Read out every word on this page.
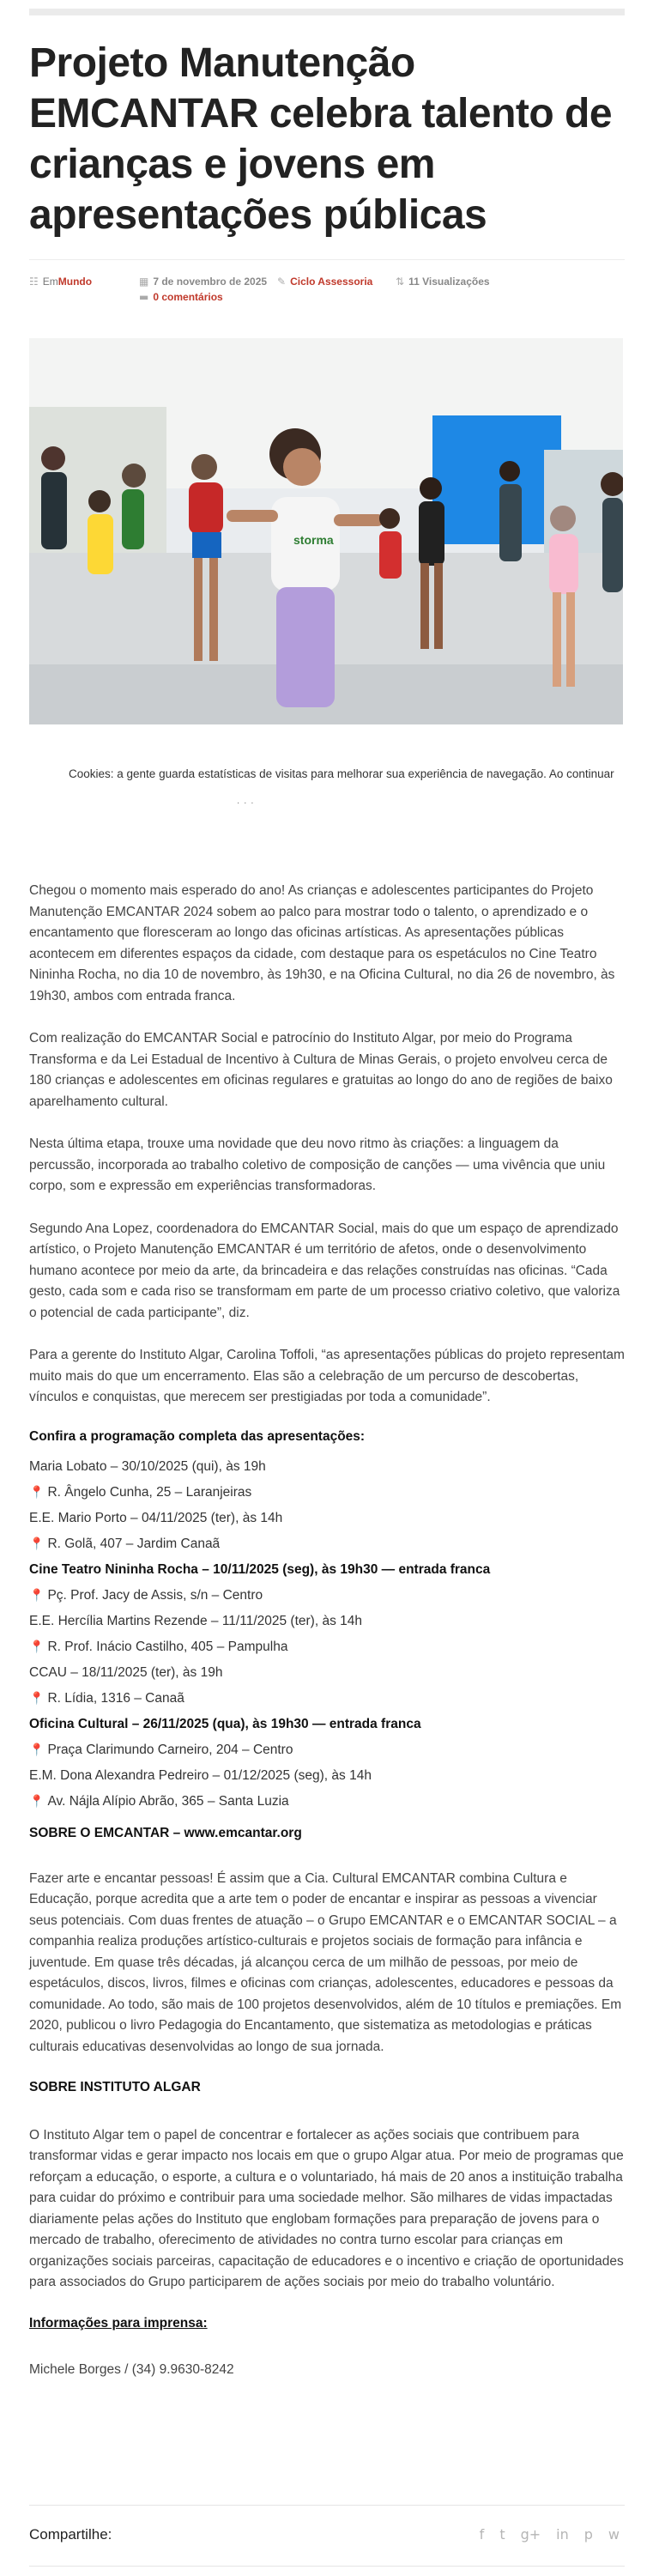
Projeto Manutenção EMCANTAR celebra talento de crianças e jovens em apresentações públicas
☷ Em Mundo	▦ 7 de novembro de 2025 ✎ Ciclo Assessoria ⇅ 11 Visualizações
▬ 0 comentários
storma
Cookies: a gente guarda estatísticas de visitas para melhorar sua experiência de navegação. Ao continuar
· · ·

Chegou o momento mais esperado do ano! As crianças e adolescentes participantes do Projeto Manutenção EMCANTAR 2024 sobem ao palco para mostrar todo o talento, o aprendizado e o encantamento que floresceram ao longo das oficinas artísticas. As apresentações públicas acontecem em diferentes espaços da cidade, com destaque para os espetáculos no Cine Teatro Nininha Rocha, no dia 10 de novembro, às 19h30, e na Oficina Cultural, no dia 26 de novembro, às 19h30, ambos com entrada franca.

Com realização do EMCANTAR Social e patrocínio do Instituto Algar, por meio do Programa Transforma e da Lei Estadual de Incentivo à Cultura de Minas Gerais, o projeto envolveu cerca de 180 crianças e adolescentes em oficinas regulares e gratuitas ao longo do ano de regiões de baixo aparelhamento cultural.

Nesta última etapa, trouxe uma novidade que deu novo ritmo às criações: a linguagem da percussão, incorporada ao trabalho coletivo de composição de canções — uma vivência que uniu corpo, som e expressão em experiências transformadoras.

Segundo Ana Lopez, coordenadora do EMCANTAR Social, mais do que um espaço de aprendizado artístico, o Projeto Manutenção EMCANTAR é um território de afetos, onde o desenvolvimento humano acontece por meio da arte, da brincadeira e das relações construídas nas oficinas. “Cada gesto, cada som e cada riso se transformam em parte de um processo criativo coletivo, que valoriza o potencial de cada participante”, diz.

Para a gerente do Instituto Algar, Carolina Toffoli, “as apresentações públicas do projeto representam muito mais do que um encerramento. Elas são a celebração de um percurso de descobertas, vínculos e conquistas, que merecem ser prestigiadas por toda a comunidade”.

Confira a programação completa das apresentações:
Maria Lobato – 30/10/2025 (qui), às 19h
📍 R. Ângelo Cunha, 25 – Laranjeiras
E.E. Mario Porto – 04/11/2025 (ter), às 14h
📍 R. Golã, 407 – Jardim Canaã
Cine Teatro Nininha Rocha – 10/11/2025 (seg), às 19h30 — entrada franca
📍 Pç. Prof. Jacy de Assis, s/n – Centro
E.E. Hercília Martins Rezende – 11/11/2025 (ter), às 14h
📍 R. Prof. Inácio Castilho, 405 – Pampulha
CCAU – 18/11/2025 (ter), às 19h
📍 R. Lídia, 1316 – Canaã
Oficina Cultural – 26/11/2025 (qua), às 19h30 — entrada franca
📍 Praça Clarimundo Carneiro, 204 – Centro
E.M. Dona Alexandra Pedreiro – 01/12/2025 (seg), às 14h
📍 Av. Nájla Alípio Abrão, 365 – Santa Luzia
SOBRE O EMCANTAR – www.emcantar.org

Fazer arte e encantar pessoas! É assim que a Cia. Cultural EMCANTAR combina Cultura e Educação, porque acredita que a arte tem o poder de encantar e inspirar as pessoas a vivenciar seus potenciais. Com duas frentes de atuação – o Grupo EMCANTAR e o EMCANTAR SOCIAL – a companhia realiza produções artístico-culturais e projetos sociais de formação para infância e juventude. Em quase três décadas, já alcançou cerca de um milhão de pessoas, por meio de espetáculos, discos, livros, filmes e oficinas com crianças, adolescentes, educadores e pessoas da comunidade. Ao todo, são mais de 100 projetos desenvolvidos, além de 10 títulos e premiações. Em 2020, publicou o livro Pedagogia do Encantamento, que sistematiza as metodologias e práticas culturais educativas desenvolvidas ao longo de sua jornada.

SOBRE INSTITUTO ALGAR

O Instituto Algar tem o papel de concentrar e fortalecer as ações sociais que contribuem para transformar vidas e gerar impacto nos locais em que o grupo Algar atua. Por meio de programas que reforçam a educação, o esporte, a cultura e o voluntariado, há mais de 20 anos a instituição trabalha para cuidar do próximo e contribuir para uma sociedade melhor. São milhares de vidas impactadas diariamente pelas ações do Instituto que englobam formações para preparação de jovens para o mercado de trabalho, oferecimento de atividades no contra turno escolar para crianças em organizações sociais parceiras, capacitação de educadores e o incentivo e criação de oportunidades para associados do Grupo participarem de ações sociais por meio do trabalho voluntário.

Informações para imprensa:
Michele Borges / (34) 9.9630-8242
Compartilhe:	f t g+ in p w
